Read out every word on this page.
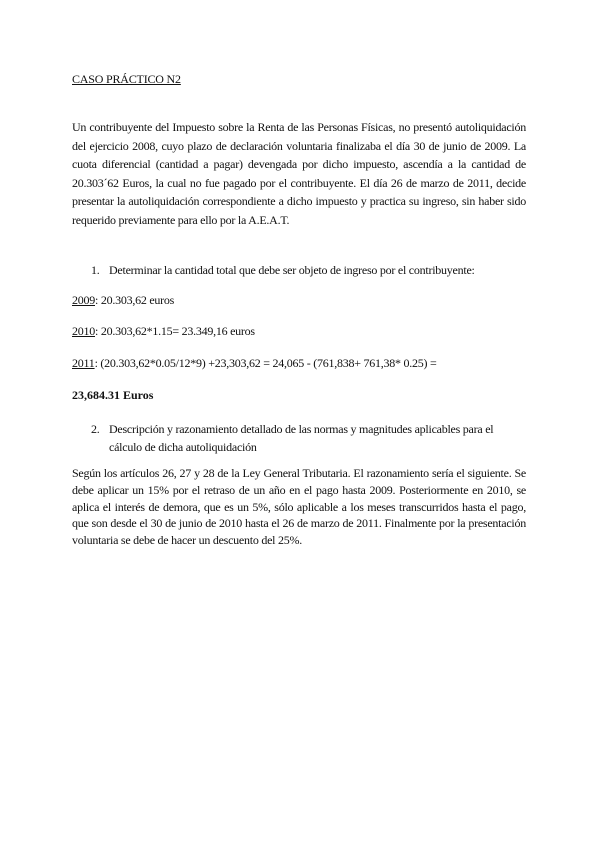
CASO PRÁCTICO N2
Un contribuyente del Impuesto sobre la Renta de las Personas Físicas, no presentó autoliquidación del ejercicio 2008, cuyo plazo de declaración voluntaria finalizaba el día 30 de junio de 2009. La cuota diferencial (cantidad a pagar) devengada por dicho impuesto, ascendía a la cantidad de 20.303´62 Euros, la cual no fue pagado por el contribuyente. El día 26 de marzo de 2011, decide presentar la autoliquidación correspondiente a dicho impuesto y practica su ingreso, sin haber sido requerido previamente para ello por la A.E.A.T.
1. Determinar la cantidad total que debe ser objeto de ingreso por el contribuyente:
2009: 20.303,62 euros
2010: 20.303,62*1.15= 23.349,16 euros
2011: (20.303,62*0.05/12*9) +23,303,62 = 24,065 - (761,838+ 761,38* 0.25) =
23,684.31 Euros
2. Descripción y razonamiento detallado de las normas y magnitudes aplicables para el cálculo de dicha autoliquidación
Según los artículos 26, 27 y 28 de la Ley General Tributaria. El razonamiento sería el siguiente. Se debe aplicar un 15% por el retraso de un año en el pago hasta 2009. Posteriormente en 2010, se aplica el interés de demora, que es un 5%, sólo aplicable a los meses transcurridos hasta el pago, que son desde el 30 de junio de 2010 hasta el 26 de marzo de 2011. Finalmente por la presentación voluntaria se debe de hacer un descuento del 25%.
